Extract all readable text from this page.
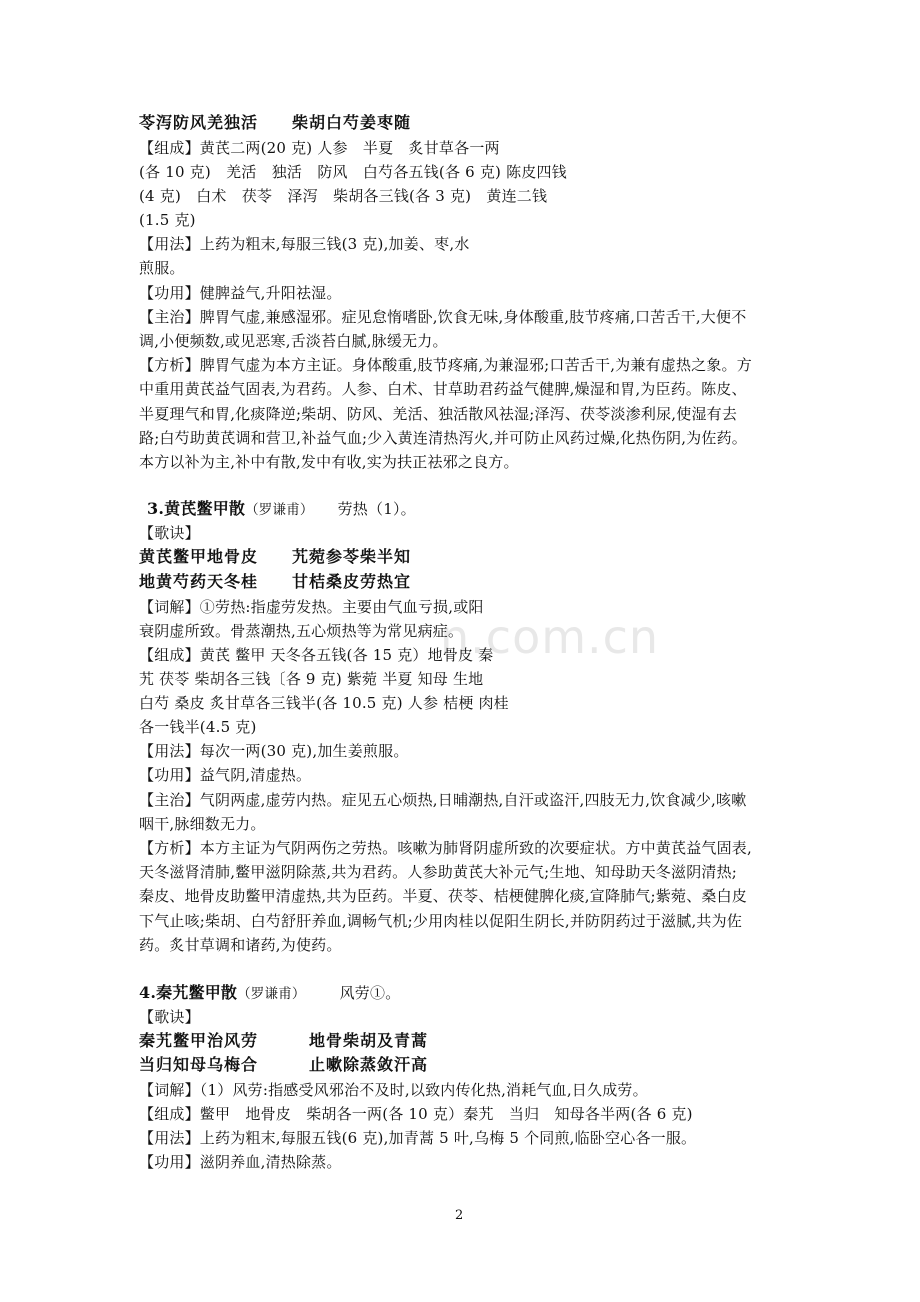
n.com.cn
苓泻防风羌独活　　柴胡白芍姜枣随
【组成】黄芪二两(20 克) 人参　半夏　炙甘草各一两
(各 10 克)　羌活　独活　防风　白芍各五钱(各 6 克) 陈皮四钱
(4 克)　白术　茯苓　泽泻　柴胡各三钱(各 3 克)　黄连二钱
(1.5 克)
【用法】上药为粗末,每服三钱(3 克),加姜、枣,水
煎服。
【功用】健脾益气,升阳祛湿。
【主治】脾胃气虚,兼感湿邪。症见怠惰嗜卧,饮食无味,身体酸重,肢节疼痛,口苦舌干,大便不
调,小便频数,或见恶寒,舌淡苔白腻,脉缓无力。
【方析】脾胃气虚为本方主证。身体酸重,肢节疼痛,为兼湿邪;口苦舌干,为兼有虚热之象。方
中重用黄芪益气固表,为君药。人参、白术、甘草助君药益气健脾,燥湿和胃,为臣药。陈皮、
半夏理气和胃,化痰降逆;柴胡、防风、羌活、独活散风祛湿;泽泻、茯苓淡渗利尿,使湿有去
路;白芍助黄芪调和营卫,补益气血;少入黄连清热泻火,并可防止风药过燥,化热伤阴,为佐药。
本方以补为主,补中有散,发中有收,实为扶正祛邪之良方。
3.黄芪鳖甲散（罗谦甫） 劳热（1）。
【歌诀】
黄芪鳖甲地骨皮　　艽菀参苓柴半知
地黄芍药天冬桂　　甘桔桑皮劳热宜
【词解】①劳热:指虚劳发热。主要由气血亏损,或阳
衰阴虚所致。骨蒸潮热,五心烦热等为常见病症。
【组成】黄芪 鳖甲 天冬各五钱(各 15 克）地骨皮 秦
艽 茯苓 柴胡各三钱〔各 9 克) 紫菀 半夏 知母 生地
白芍 桑皮 炙甘草各三钱半(各 10.5 克) 人参 桔梗 肉桂
各一钱半(4.5 克)
【用法】每次一两(30 克),加生姜煎服。
【功用】益气阴,清虚热。
【主治】气阴两虚,虚劳内热。症见五心烦热,日晡潮热,自汗或盗汗,四肢无力,饮食减少,咳嗽
咽干,脉细数无力。
【方析】本方主证为气阴两伤之劳热。咳嗽为肺肾阴虚所致的次要症状。方中黄芪益气固表,
天冬滋肾清肺,鳖甲滋阴除蒸,共为君药。人参助黄芪大补元气;生地、知母助天冬滋阴清热;
秦皮、地骨皮助鳖甲清虚热,共为臣药。半夏、茯苓、桔梗健脾化痰,宣降肺气;紫菀、桑白皮
下气止咳;柴胡、白芍舒肝养血,调畅气机;少用肉桂以促阳生阴长,并防阴药过于滋腻,共为佐
药。炙甘草调和诸药,为使药。
4.秦艽鳖甲散（罗谦甫） 风劳①。
【歌诀】
秦艽鳖甲治风劳　　　地骨柴胡及青蒿
当归知母乌梅合　　　止嗽除蒸敛汗高
【词解】（1）风劳:指感受风邪治不及时,以致内传化热,消耗气血,日久成劳。
【组成】鳖甲　地骨皮　柴胡各一两(各 10 克）秦艽　当归　知母各半两(各 6 克)
【用法】上药为粗末,每服五钱(6 克),加青蒿 5 叶,乌梅 5 个同煎,临卧空心各一服。
【功用】滋阴养血,清热除蒸。
2
